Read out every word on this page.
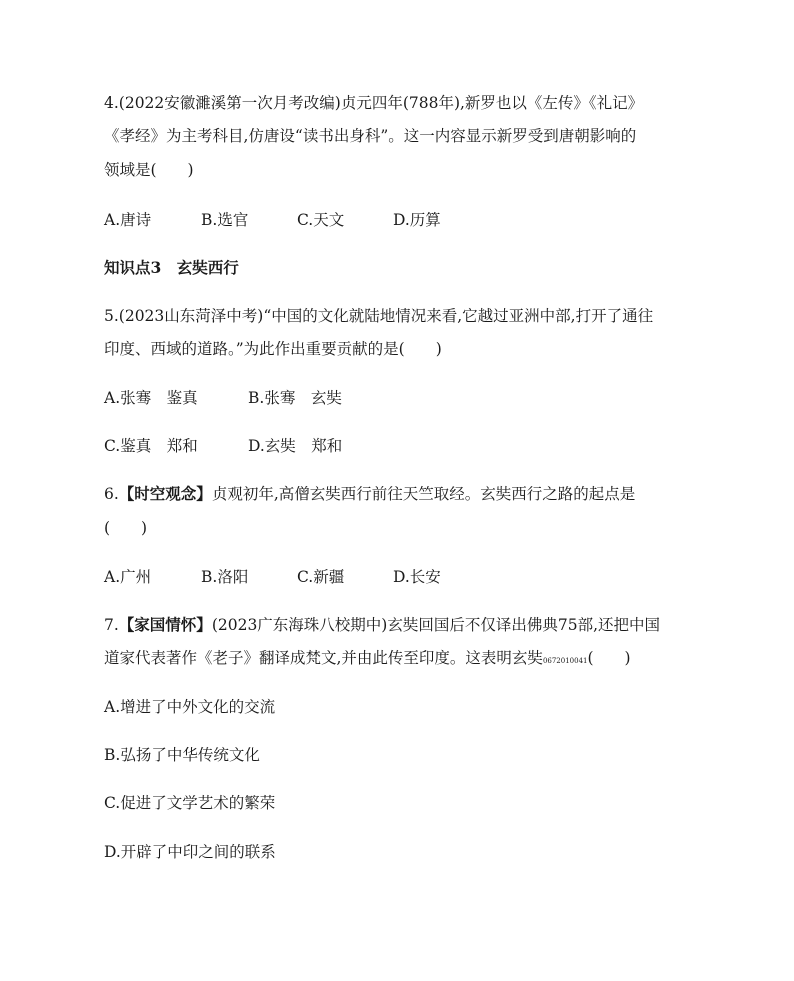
4.(2022安徽濉溪第一次月考改编)贞元四年(788年),新罗也以《左传》《礼记》
《孝经》为主考科目,仿唐设“读书出身科”。这一内容显示新罗受到唐朝影响的
领域是(　　)
A.唐诗	B.选官	C.天文	D.历算
知识点3　玄奘西行
5.(2023山东菏泽中考)“中国的文化就陆地情况来看,它越过亚洲中部,打开了通往
印度、西域的道路。”为此作出重要贡献的是(　　)
A.张骞　鉴真	B.张骞　玄奘
C.鉴真　郑和	D.玄奘　郑和
6.【时空观念】贞观初年,高僧玄奘西行前往天竺取经。玄奘西行之路的起点是
(　　)
A.广州	B.洛阳	C.新疆	D.长安
7.【家国情怀】(2023广东海珠八校期中)玄奘回国后不仅译出佛典75部,还把中国
道家代表著作《老子》翻译成梵文,并由此传至印度。这表明玄奘0672010041(　　)
A.增进了中外文化的交流
B.弘扬了中华传统文化
C.促进了文学艺术的繁荣
D.开辟了中印之间的联系
